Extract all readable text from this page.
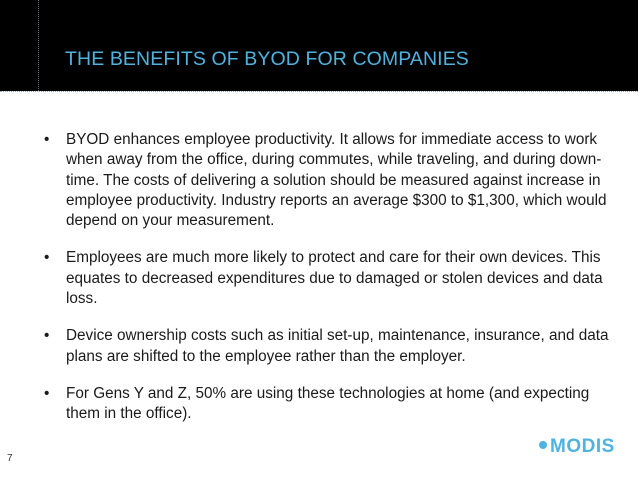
THE BENEFITS OF BYOD FOR COMPANIES
• BYOD enhances employee productivity. It allows for immediate access to work when away from the office, during commutes, while traveling, and during down-time. The costs of delivering a solution should be measured against increase in employee productivity. Industry reports an average $300 to $1,300, which would depend on your measurement.
• Employees are much more likely to protect and care for their own devices. This equates to decreased expenditures due to damaged or stolen devices and data loss.
• Device ownership costs such as initial set-up, maintenance, insurance, and data plans are shifted to the employee rather than the employer.
• For Gens Y and Z, 50% are using these technologies at home (and expecting them in the office).
7
MODIS
